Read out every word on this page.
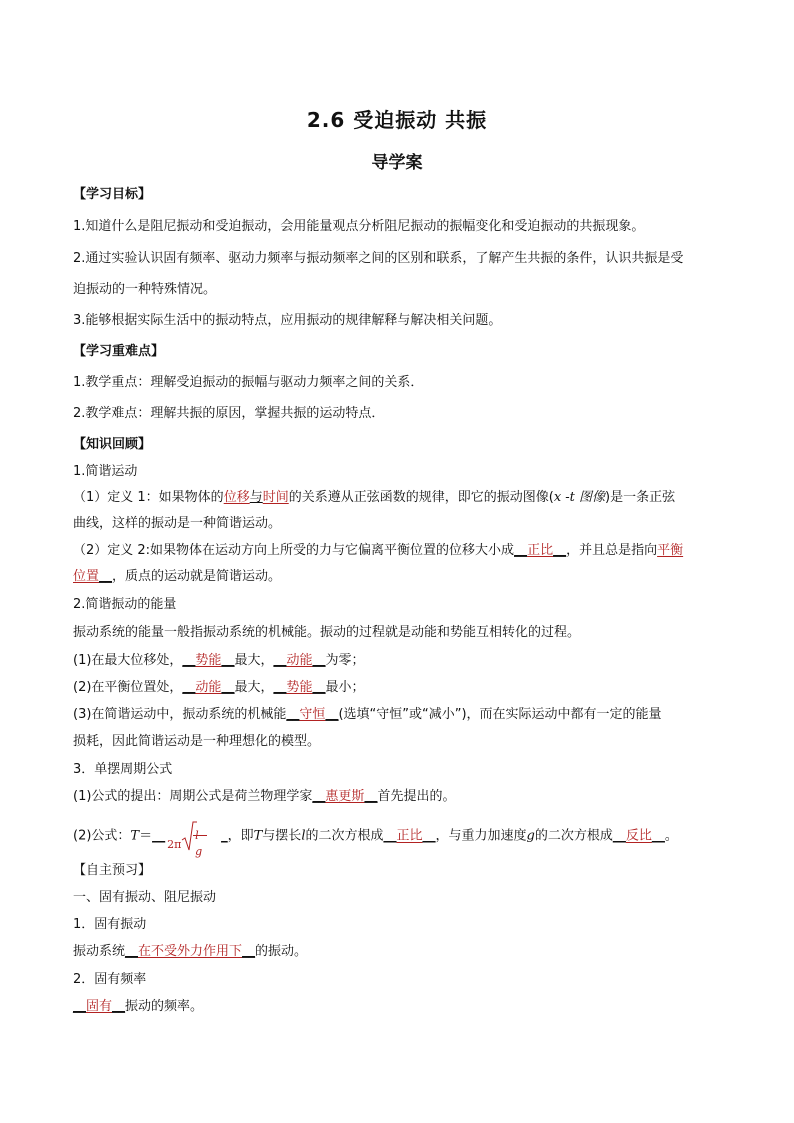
2.6 受迫振动 共振
导学案
【学习目标】
1.知道什么是阻尼振动和受迫振动，会用能量观点分析阻尼振动的振幅变化和受迫振动的共振现象。
2.通过实验认识固有频率、驱动力频率与振动频率之间的区别和联系，了解产生共振的条件，认识共振是受
迫振动的一种特殊情况。
3.能够根据实际生活中的振动特点，应用振动的规律解释与解决相关问题。
【学习重难点】
1.教学重点：理解受迫振动的振幅与驱动力频率之间的关系．
2.教学难点：理解共振的原因，掌握共振的运动特点．
【知识回顾】
1.简谐运动
（1）定义 1：如果物体的位移与时间的关系遵从正弦函数的规律，即它的振动图像(x -t 图像)是一条正弦
曲线，这样的振动是一种简谐运动。
（2）定义 2:如果物体在运动方向上所受的力与它偏离平衡位置的位移大小成__正比__，并且总是指向平衡
位置__，质点的运动就是简谐运动。
2.简谐振动的能量
振动系统的能量一般指振动系统的机械能。振动的过程就是动能和势能互相转化的过程。
(1)在最大位移处，__势能__最大，__动能__为零；
(2)在平衡位置处，__动能__最大，__势能__最小；
(3)在简谐运动中，振动系统的机械能__守恒__(选填“守恒”或“减小”)，而在实际运动中都有一定的能量
损耗，因此简谐运动是一种理想化的模型。
3．单摆周期公式
(1)公式的提出：周期公式是荷兰物理学家__惠更斯__首先提出的。
(2)公式：T＝__
2π
g
_，即T与摆长l的二次方根成__正比__，与重力加速度g的二次方根成__反比__。
【自主预习】
一、固有振动、阻尼振动
1．固有振动
振动系统__在不受外力作用下__的振动。
2．固有频率
__固有__振动的频率。
